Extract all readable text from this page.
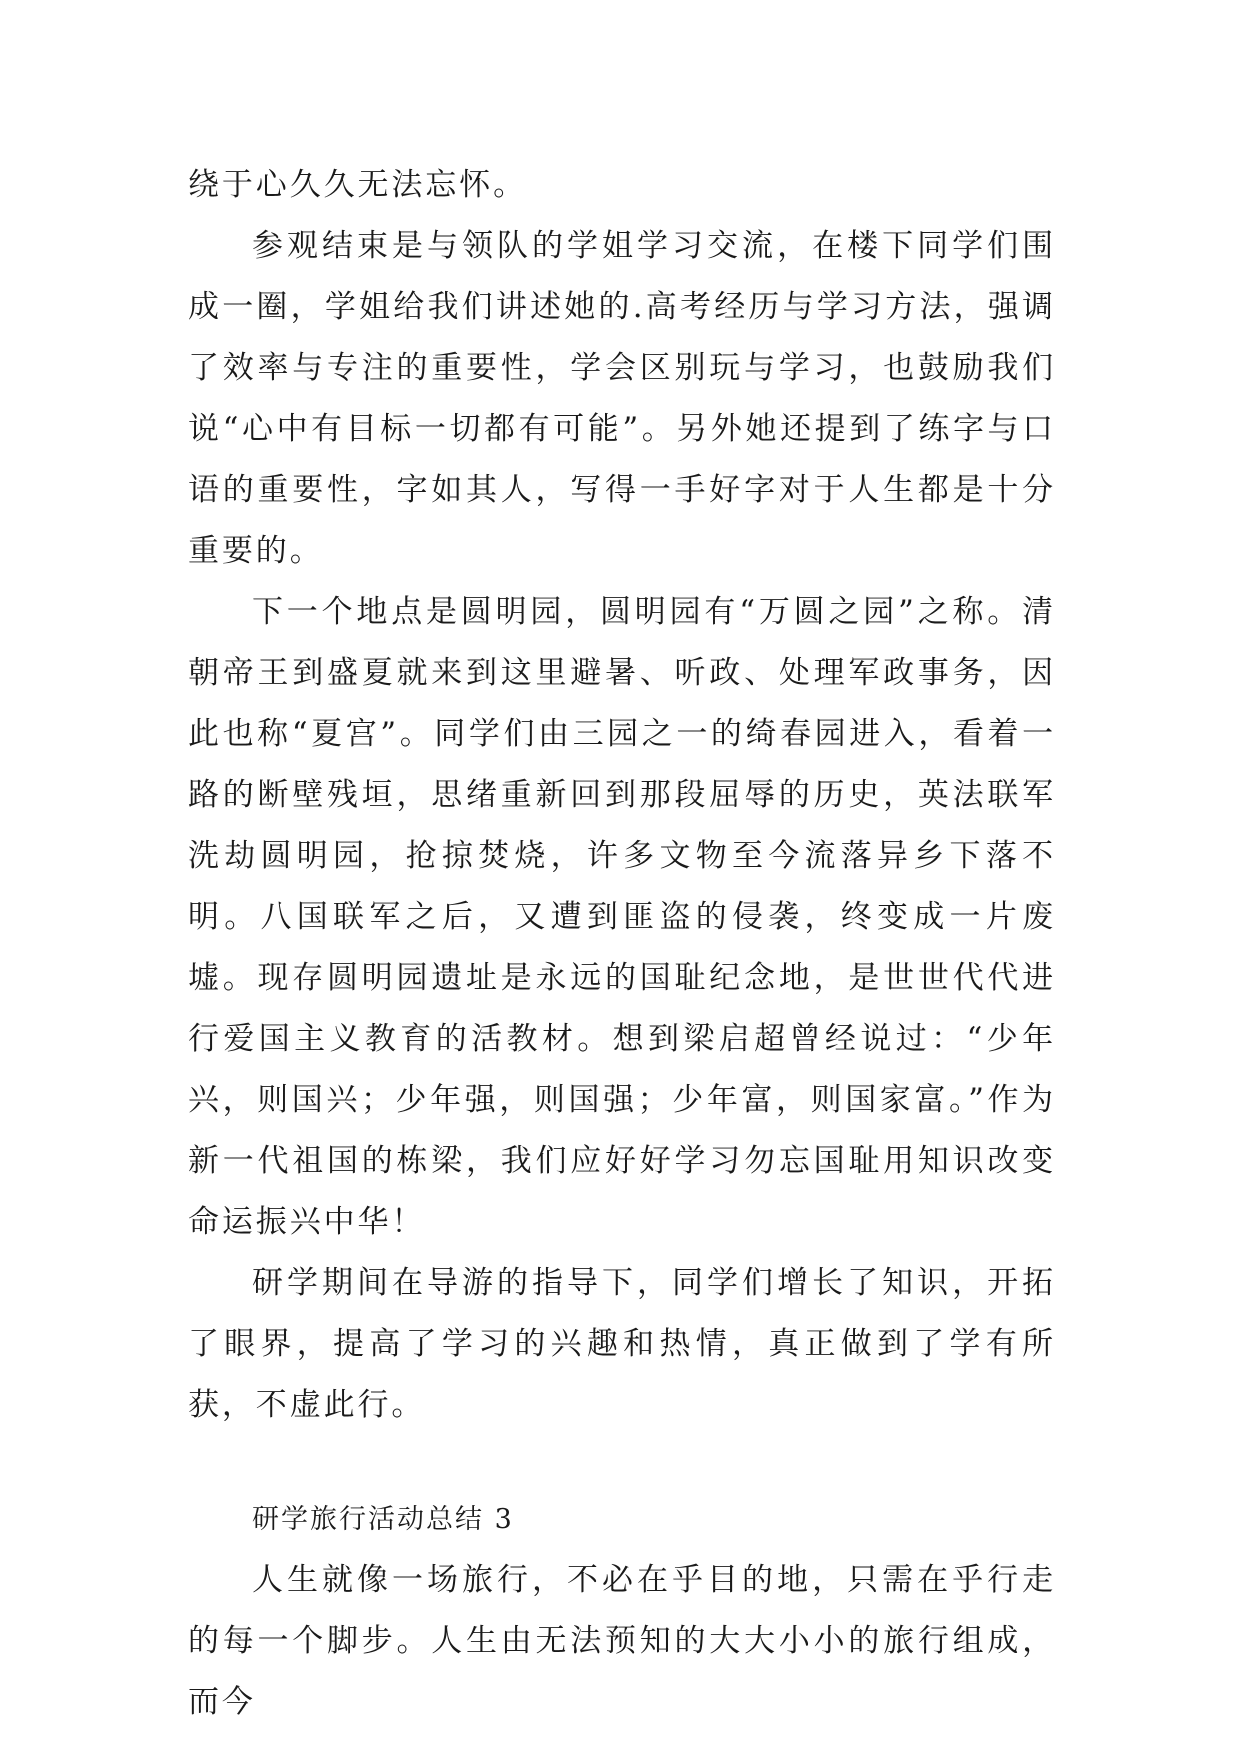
绕于心久久无法忘怀。

参观结束是与领队的学姐学习交流，在楼下同学们围成一圈，学姐给我们讲述她的.高考经历与学习方法，强调了效率与专注的重要性，学会区别玩与学习，也鼓励我们说“心中有目标一切都有可能”。另外她还提到了练字与口语的重要性，字如其人，写得一手好字对于人生都是十分重要的。

下一个地点是圆明园，圆明园有“万圆之园”之称。清朝帝王到盛夏就来到这里避暑、听政、处理军政事务，因此也称“夏宫”。同学们由三园之一的绮春园进入，看着一路的断壁残垣，思绪重新回到那段屈辱的历史，英法联军洗劫圆明园，抢掠焚烧，许多文物至今流落异乡下落不明。八国联军之后，又遭到匪盗的侵袭，终变成一片废墟。现存圆明园遗址是永远的国耻纪念地，是世世代代进行爱国主义教育的活教材。想到梁启超曾经说过：“少年兴，则国兴；少年强，则国强；少年富，则国家富。”作为新一代祖国的栋梁，我们应好好学习勿忘国耻用知识改变命运振兴中华！

研学期间在导游的指导下，同学们增长了知识，开拓了眼界，提高了学习的兴趣和热情，真正做到了学有所获，不虚此行。

研学旅行活动总结 3

人生就像一场旅行，不必在乎目的地，只需在乎行走的每一个脚步。人生由无法预知的大大小小的旅行组成，而今
